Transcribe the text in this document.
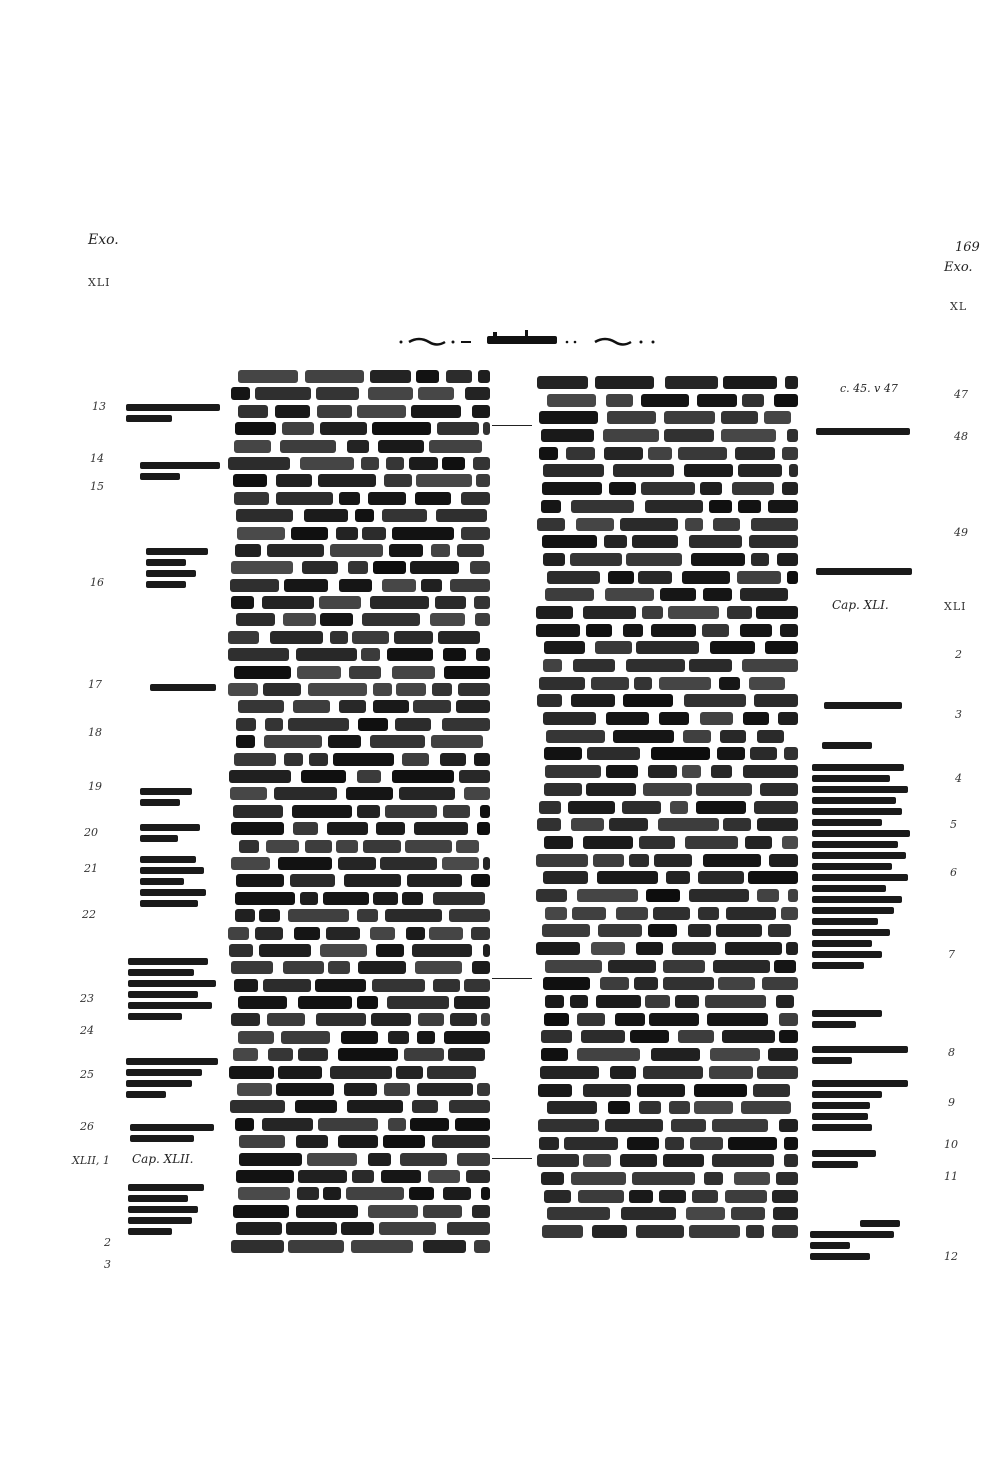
Exo.
XLI
169
Exo.
XL
13
14
15
16
17
18
19
20
21
22
23
24
25
26
2
3
XLII, 1 Cap. XLII.
c. 45. v 47
Cap. XLI.	XLI
47
48
49
2
3
4
5
6
7
8
9
10
11
12
